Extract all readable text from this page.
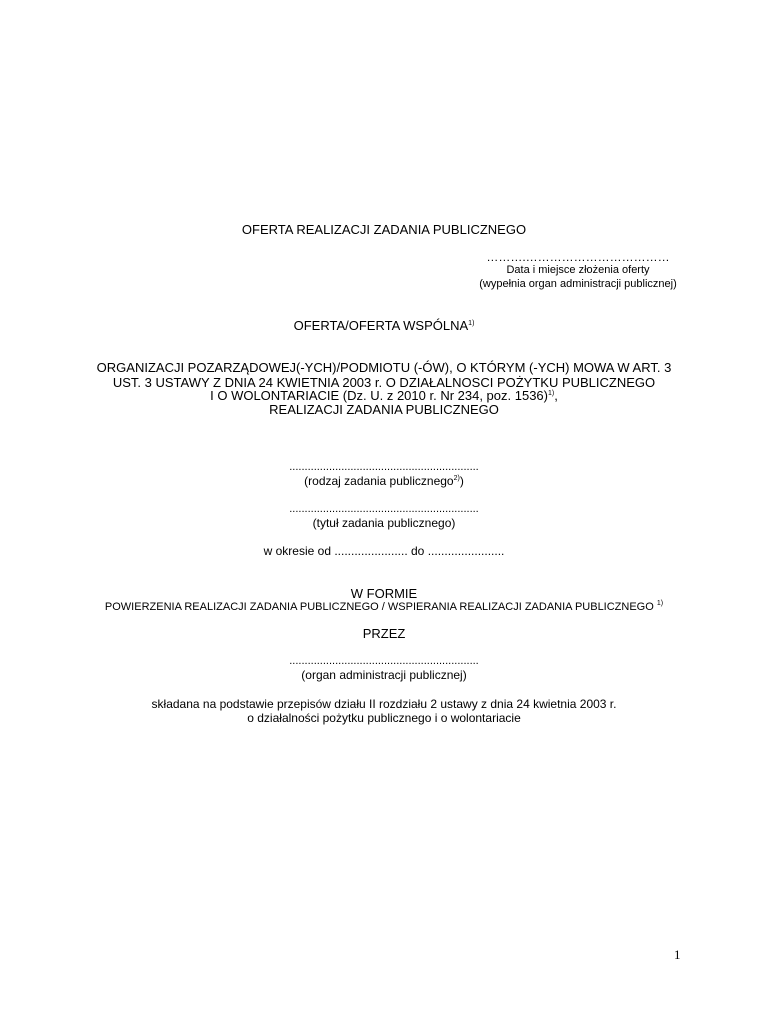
OFERTA REALIZACJI ZADANIA PUBLICZNEGO
……….………………………………
Data i miejsce złożenia oferty
(wypełnia organ administracji publicznej)
OFERTA/OFERTA WSPÓLNA$^{1)}$
ORGANIZACJI POZARZĄDOWEJ(-YCH)/PODMIOTU (-ÓW), O KTÓRYM (-YCH) MOWA W ART. 3
UST. 3 USTAWY Z DNIA 24 KWIETNIA 2003 r. O DZIAŁALNOSCI POŻYTKU PUBLICZNEGO
I O WOLONTARIACIE (Dz. U. z 2010 r. Nr 234, poz. 1536)$^{1)}$,
REALIZACJI ZADANIA PUBLICZNEGO
..............................................................
(rodzaj zadania publicznego$^{2)}$)
..............................................................
(tytuł zadania publicznego)
w okresie od ...................... do .......................
W FORMIE
POWIERZENIA REALIZACJI ZADANIA PUBLICZNEGO / WSPIERANIA REALIZACJI ZADANIA PUBLICZNEGO $^{1)}$
PRZEZ
..............................................................
(organ administracji publicznej)
składana na podstawie przepisów działu II rozdziału 2 ustawy z dnia 24 kwietnia 2003 r.
o działalności pożytku publicznego i o wolontariacie
1
